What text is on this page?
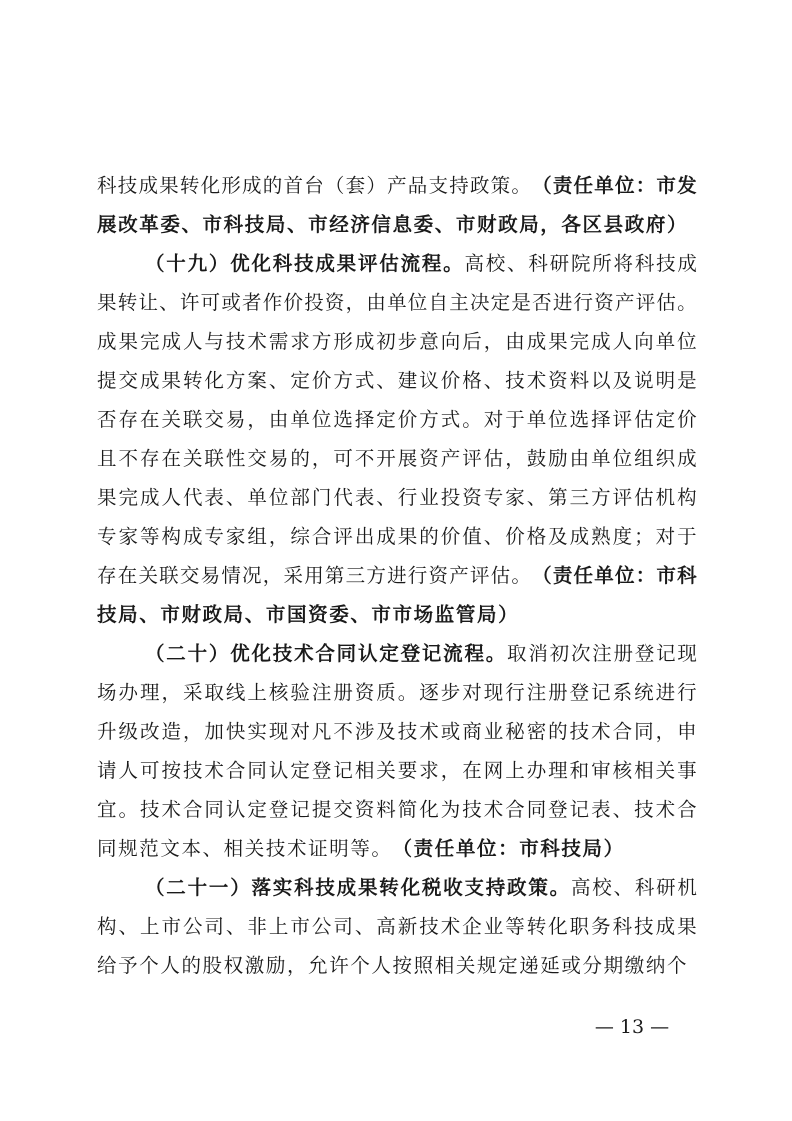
科 技 成 果 转 化 形 成 的 首 台 （ 套 ） 产 品 支 持 政 策 。 （ 责 任 单 位 ： 市 发
展 改 革 委 、 市 科 技 局 、 市 经 济 信 息 委 、 市 财 政 局 ， 各 区 县 政 府 ）
（ 十 九 ） 优 化 科 技 成 果 评 估 流 程 。 高 校 、 科 研 院 所 将 科 技 成
果 转 让 、 许 可 或 者 作 价 投 资 ， 由 单 位 自 主 决 定 是 否 进 行 资 产 评 估 。
成 果 完 成 人 与 技 术 需 求 方 形 成 初 步 意 向 后 ， 由 成 果 完 成 人 向 单 位
提 交 成 果 转 化 方 案 、 定 价 方 式 、 建 议 价 格 、 技 术 资 料 以 及 说 明 是
否 存 在 关 联 交 易 ， 由 单 位 选 择 定 价 方 式 。 对 于 单 位 选 择 评 估 定 价
且 不 存 在 关 联 性 交 易 的 ， 可 不 开 展 资 产 评 估 ， 鼓 励 由 单 位 组 织 成
果 完 成 人 代 表 、 单 位 部 门 代 表 、 行 业 投 资 专 家 、 第 三 方 评 估 机 构
专 家 等 构 成 专 家 组 ， 综 合 评 出 成 果 的 价 值 、 价 格 及 成 熟 度 ； 对 于
存 在 关 联 交 易 情 况 ， 采 用 第 三 方 进 行 资 产 评 估 。 （ 责 任 单 位 ： 市 科
技 局 、 市 财 政 局 、 市 国 资 委 、 市 市 场 监 管 局 ）
（ 二 十 ） 优 化 技 术 合 同 认 定 登 记 流 程 。 取 消 初 次 注 册 登 记 现
场 办 理 ， 采 取 线 上 核 验 注 册 资 质 。 逐 步 对 现 行 注 册 登 记 系 统 进 行
升 级 改 造 ， 加 快 实 现 对 凡 不 涉 及 技 术 或 商 业 秘 密 的 技 术 合 同 ， 申
请 人 可 按 技 术 合 同 认 定 登 记 相 关 要 求 ， 在 网 上 办 理 和 审 核 相 关 事
宜 。 技 术 合 同 认 定 登 记 提 交 资 料 简 化 为 技 术 合 同 登 记 表 、 技 术 合
同 规 范 文 本 、 相 关 技 术 证 明 等 。 （ 责 任 单 位 ： 市 科 技 局 ）
（ 二 十 一 ） 落 实 科 技 成 果 转 化 税 收 支 持 政 策 。 高 校 、 科 研 机
构 、 上 市 公 司 、 非 上 市 公 司 、 高 新 技 术 企 业 等 转 化 职 务 科 技 成 果
给 予 个 人 的 股 权 激 励 ， 允 许 个 人 按 照 相 关 规 定 递 延 或 分 期 缴 纳 个
— 13 —
